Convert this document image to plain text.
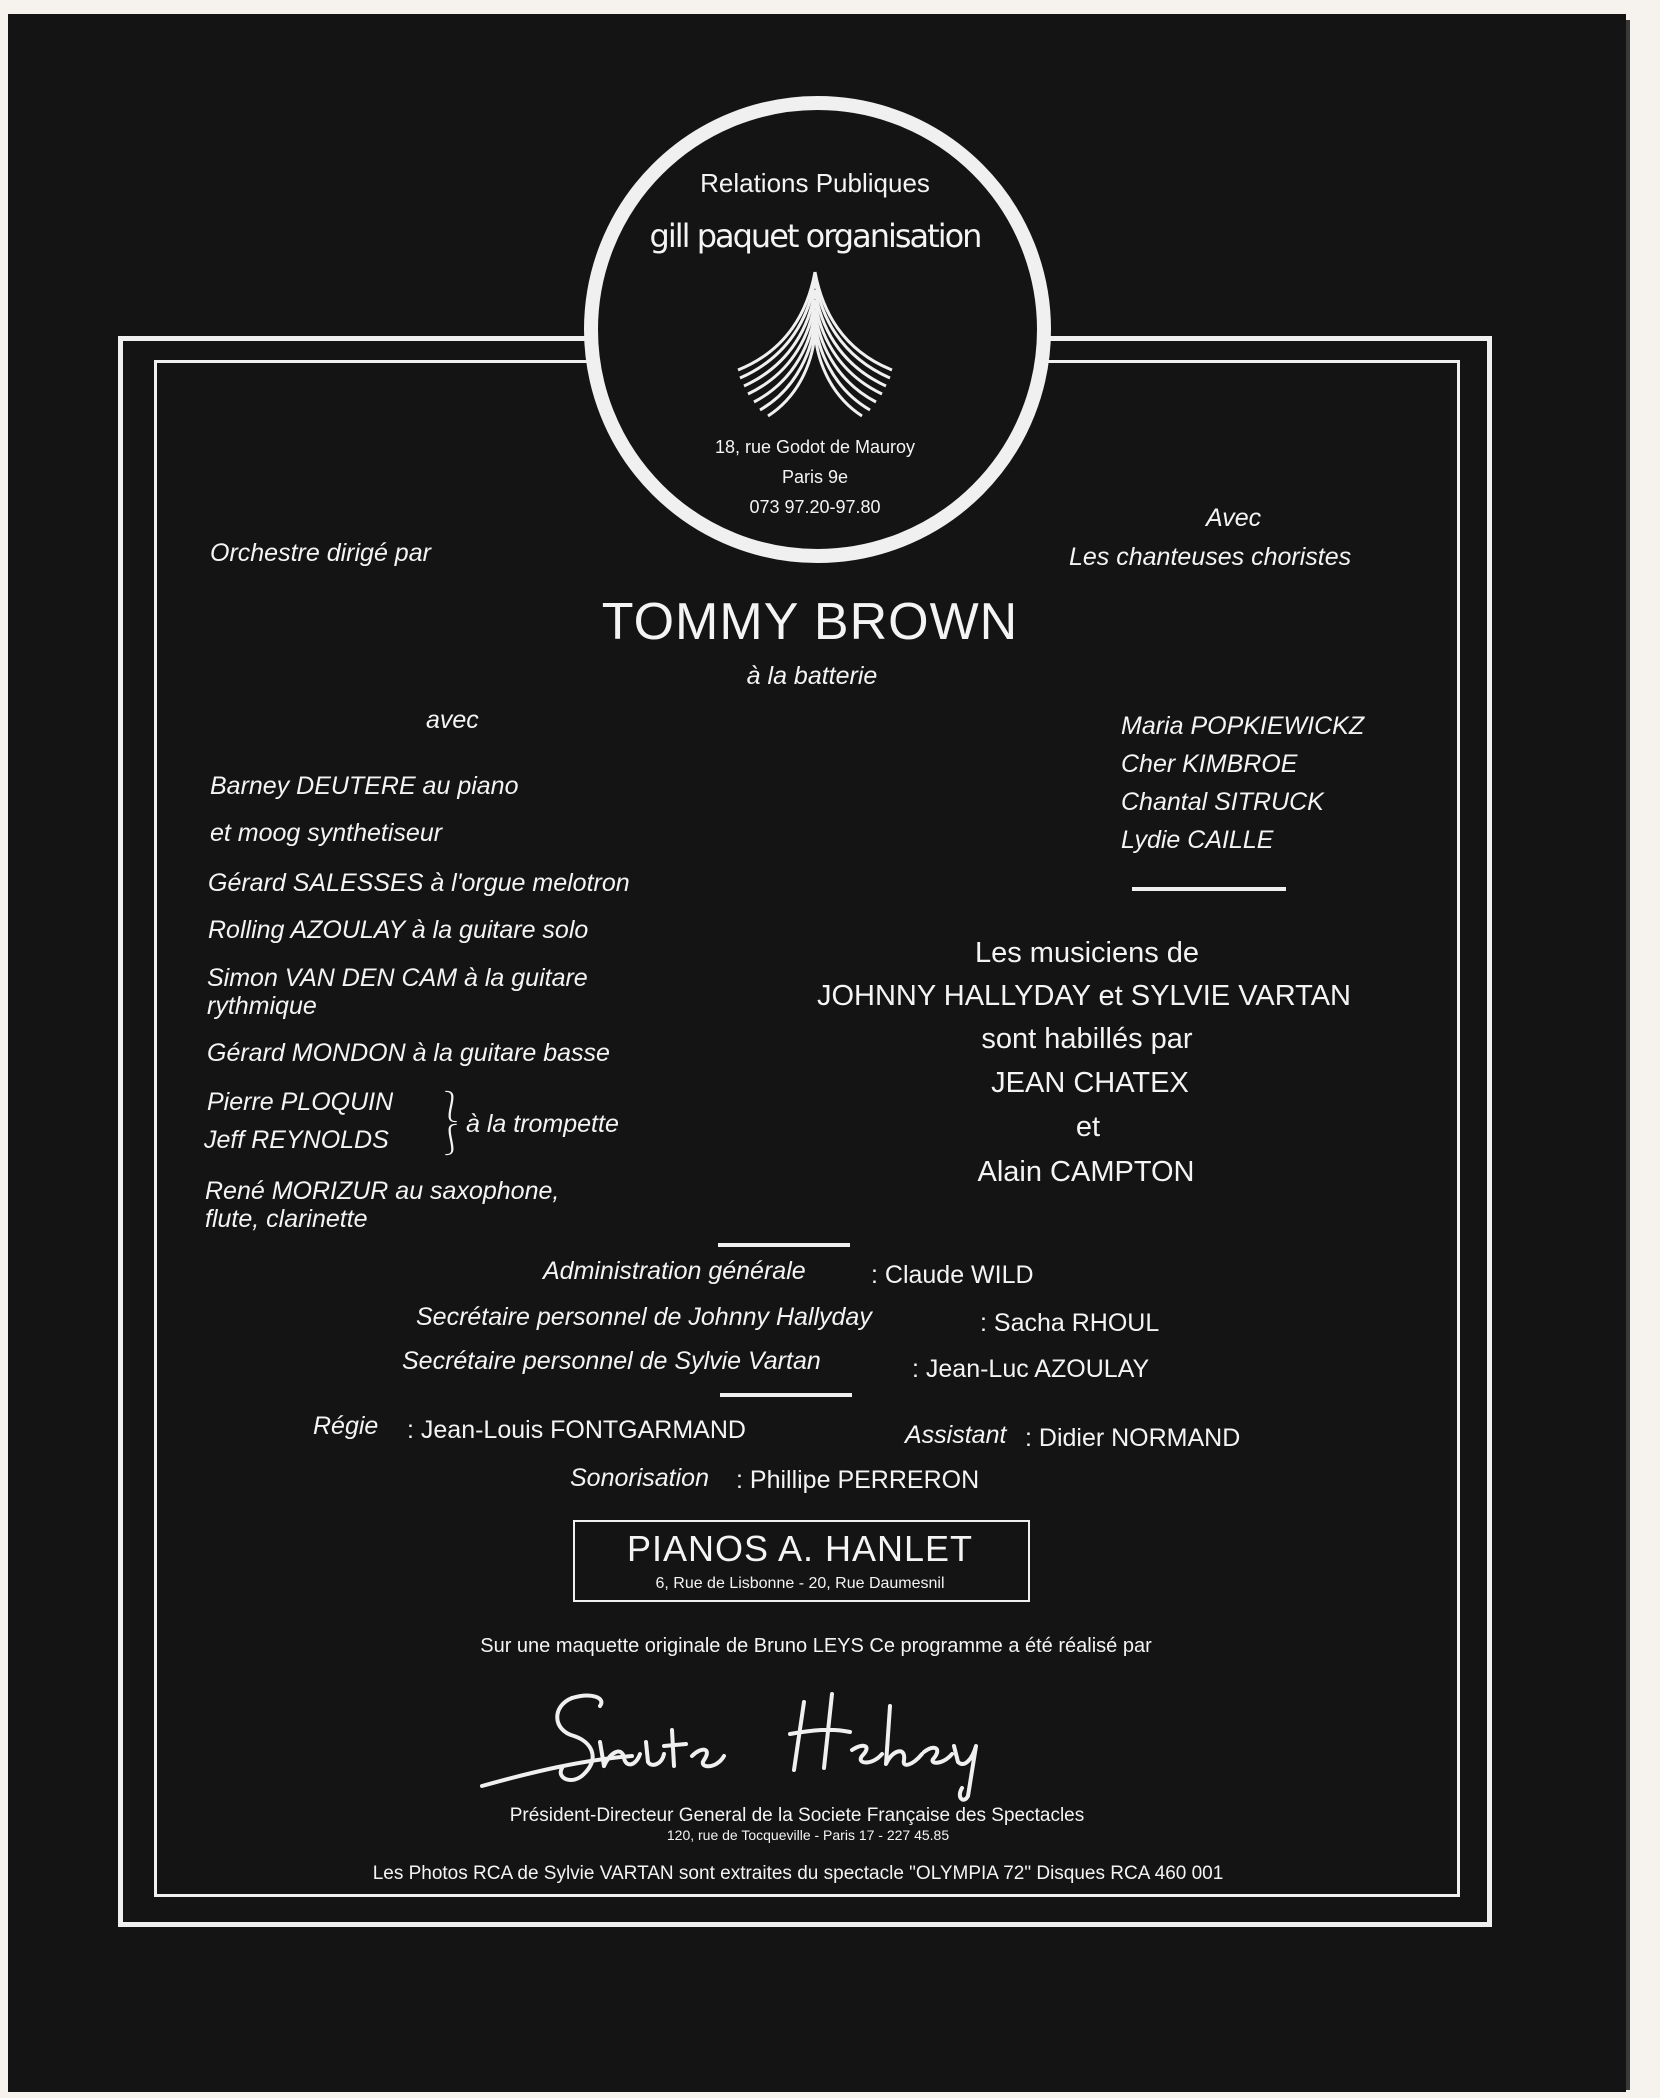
Relations Publiques
gill paquet organisation
18, rue Godot de Mauroy
Paris 9e
073 97.20-97.80
Orchestre dirigé par
Avec
Les chanteuses choristes
TOMMY BROWN
à la batterie
avec
Barney DEUTERE au piano
et moog synthetiseur
Gérard SALESSES à l'orgue melotron
Rolling AZOULAY à la guitare solo
Simon VAN DEN CAM à la guitare
rythmique
Gérard MONDON à la guitare basse
Pierre PLOQUIN
Jeff REYNOLDS
⎱
⎰ à la trompette
René MORIZUR au saxophone,
flute, clarinette
Maria POPKIEWICKZ
Cher KIMBROE
Chantal SITRUCK
Lydie CAILLE
Les musiciens de
JOHNNY HALLYDAY et SYLVIE VARTAN
sont habillés par
JEAN CHATEX
et
Alain CAMPTON
Administration générale	: Claude WILD
Secrétaire personnel de Johnny Hallyday	: Sacha RHOUL
Secrétaire personnel de Sylvie Vartan	: Jean-Luc AZOULAY
Régie : Jean-Louis FONTGARMAND	Assistant : Didier NORMAND
Sonorisation : Phillipe PERRERON
PIANOS A. HANLET
6, Rue de Lisbonne - 20, Rue Daumesnil
Sur une maquette originale de Bruno LEYS Ce programme a été réalisé par
Président-Directeur General de la Societe Française des Spectacles
120, rue de Tocqueville - Paris 17 - 227 45.85
Les Photos RCA de Sylvie VARTAN sont extraites du spectacle "OLYMPIA 72" Disques RCA 460 001
